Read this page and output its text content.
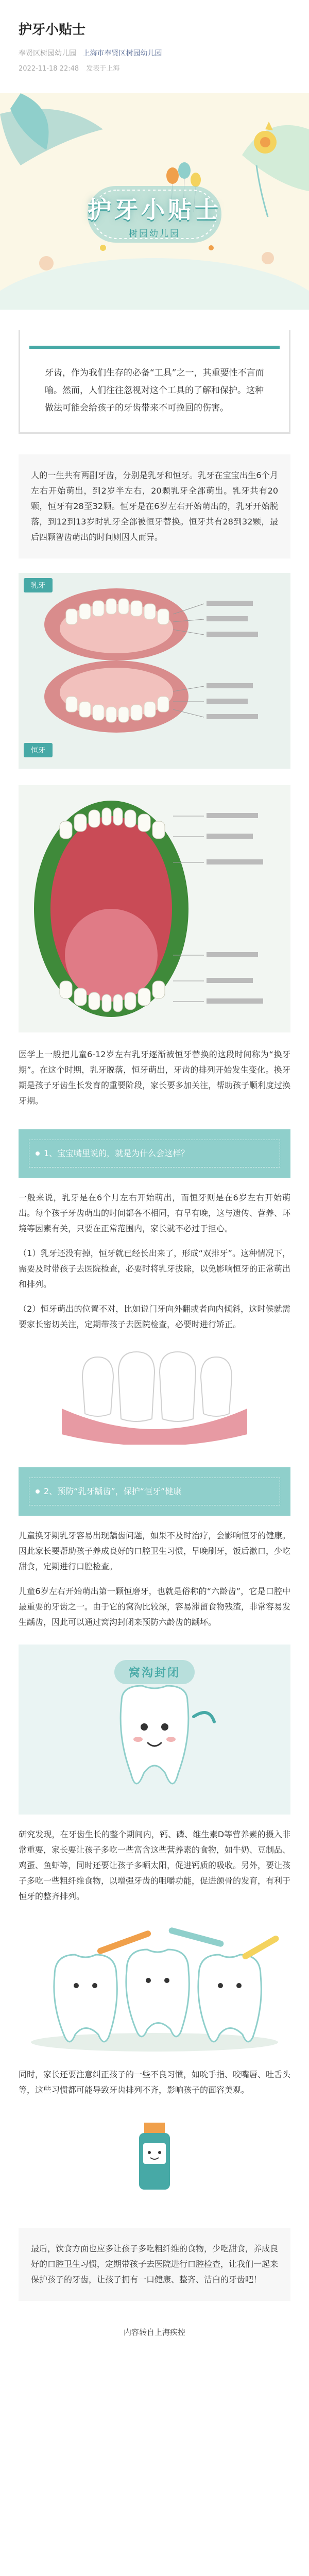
护牙小贴士
奉贤区树园幼儿园 上海市奉贤区树园幼儿园
2022-11-18 22:48 发表于上海
护牙小贴士
树园幼儿园
牙齿，作为我们生存的必备“工具”之一，其重要性不言而喻。然而，人们往往忽视对这个工具的了解和保护。这种做法可能会给孩子的牙齿带来不可挽回的伤害。

人的一生共有两副牙齿，分别是乳牙和恒牙。乳牙在宝宝出生6个月左右开始萌出，到2岁半左右，20颗乳牙全部萌出。乳牙共有20颗，恒牙有28至32颗。恒牙是在6岁左右开始萌出的，乳牙开始脱落，到12到13岁时乳牙全部被恒牙替换。恒牙共有28到32颗，最后四颗智齿萌出的时间则因人而异。

乳牙
恒牙

医学上一般把儿童6-12岁左右乳牙逐渐被恒牙替换的这段时间称为“换牙期”。在这个时期，乳牙脱落，恒牙萌出，牙齿的排列开始发生变化。换牙期是孩子牙齿生长发育的重要阶段，家长要多加关注，帮助孩子顺利度过换牙期。

1、宝宝嘴里说的，就是为什么会这样？

一般来说，乳牙是在6个月左右开始萌出，而恒牙则是在6岁左右开始萌出。每个孩子牙齿萌出的时间都各不相同，有早有晚，这与遗传、营养、环境等因素有关，只要在正常范围内，家长就不必过于担心。

（1）乳牙还没有掉，恒牙就已经长出来了，形成“双排牙”。这种情况下，需要及时带孩子去医院检查，必要时将乳牙拔除，以免影响恒牙的正常萌出和排列。

（2）恒牙萌出的位置不对，比如说门牙向外翻或者向内倾斜，这时候就需要家长密切关注，定期带孩子去医院检查，必要时进行矫正。

2、预防“乳牙龋齿”，保护“恒牙”健康

儿童换牙期乳牙容易出现龋齿问题，如果不及时治疗，会影响恒牙的健康。因此家长要帮助孩子养成良好的口腔卫生习惯，早晚刷牙，饭后漱口，少吃甜食，定期进行口腔检查。

儿童6岁左右开始萌出第一颗恒磨牙，也就是俗称的“六龄齿”，它是口腔中最重要的牙齿之一。由于它的窝沟比较深，容易滞留食物残渣，非常容易发生龋齿，因此可以通过窝沟封闭来预防六龄齿的龋坏。

窝沟封闭

研究发现，在牙齿生长的整个期间内，钙、磷、维生素D等营养素的摄入非常重要，家长要让孩子多吃一些富含这些营养素的食物，如牛奶、豆制品、鸡蛋、鱼虾等，同时还要让孩子多晒太阳，促进钙质的吸收。另外，要让孩子多吃一些粗纤维食物，以增强牙齿的咀嚼功能，促进颌骨的发育，有利于恒牙的整齐排列。

同时，家长还要注意纠正孩子的一些不良习惯，如吮手指、咬嘴唇、吐舌头等，这些习惯都可能导致牙齿排列不齐，影响孩子的面容美观。

最后，饮食方面也应多让孩子多吃粗纤维的食物，少吃甜食，养成良好的口腔卫生习惯，定期带孩子去医院进行口腔检查，让我们一起来保护孩子的牙齿，让孩子拥有一口健康、整齐、洁白的牙齿吧！

内容转自上海疾控
